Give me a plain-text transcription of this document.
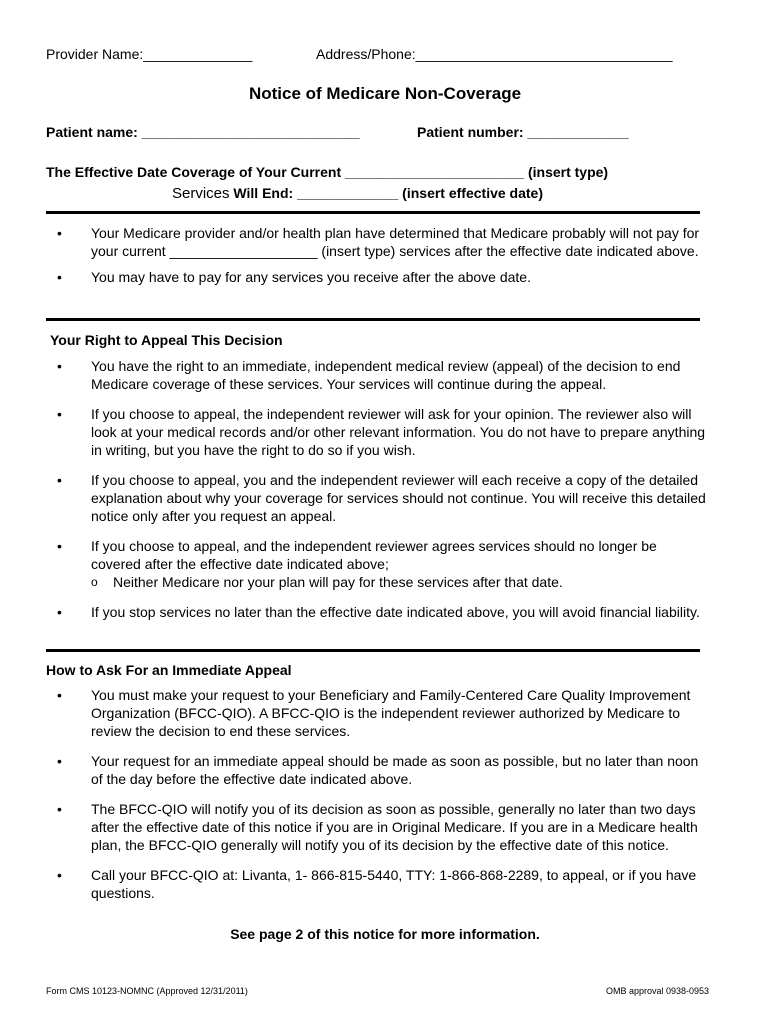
Provider Name:______________	Address/Phone:_________________________________
Notice of Medicare Non-Coverage
Patient name: ____________________________	Patient number: _____________
The Effective Date Coverage of Your Current _______________________ (insert type)
Services Will End: _____________ (insert effective date)
• Your Medicare provider and/or health plan have determined that Medicare probably will not pay for your current ___________________ (insert type) services after the effective date indicated above.
• You may have to pay for any services you receive after the above date.
Your Right to Appeal This Decision
• You have the right to an immediate, independent medical review (appeal) of the decision to end Medicare coverage of these services. Your services will continue during the appeal.
• If you choose to appeal, the independent reviewer will ask for your opinion. The reviewer also will look at your medical records and/or other relevant information. You do not have to prepare anything in writing, but you have the right to do so if you wish.
• If you choose to appeal, you and the independent reviewer will each receive a copy of the detailed explanation about why your coverage for services should not continue. You will receive this detailed notice only after you request an appeal.
• If you choose to appeal, and the independent reviewer agrees services should no longer be covered after the effective date indicated above;
o Neither Medicare nor your plan will pay for these services after that date.
• If you stop services no later than the effective date indicated above, you will avoid financial liability.
How to Ask For an Immediate Appeal
• You must make your request to your Beneficiary and Family-Centered Care Quality Improvement Organization (BFCC-QIO). A BFCC-QIO is the independent reviewer authorized by Medicare to review the decision to end these services.
• Your request for an immediate appeal should be made as soon as possible, but no later than noon of the day before the effective date indicated above.
• The BFCC-QIO will notify you of its decision as soon as possible, generally no later than two days after the effective date of this notice if you are in Original Medicare. If you are in a Medicare health plan, the BFCC-QIO generally will notify you of its decision by the effective date of this notice.
• Call your BFCC-QIO at: Livanta, 1- 866-815-5440, TTY: 1-866-868-2289, to appeal, or if you have questions.
See page 2 of this notice for more information.
Form CMS 10123-NOMNC (Approved 12/31/2011)	OMB approval 0938-0953
